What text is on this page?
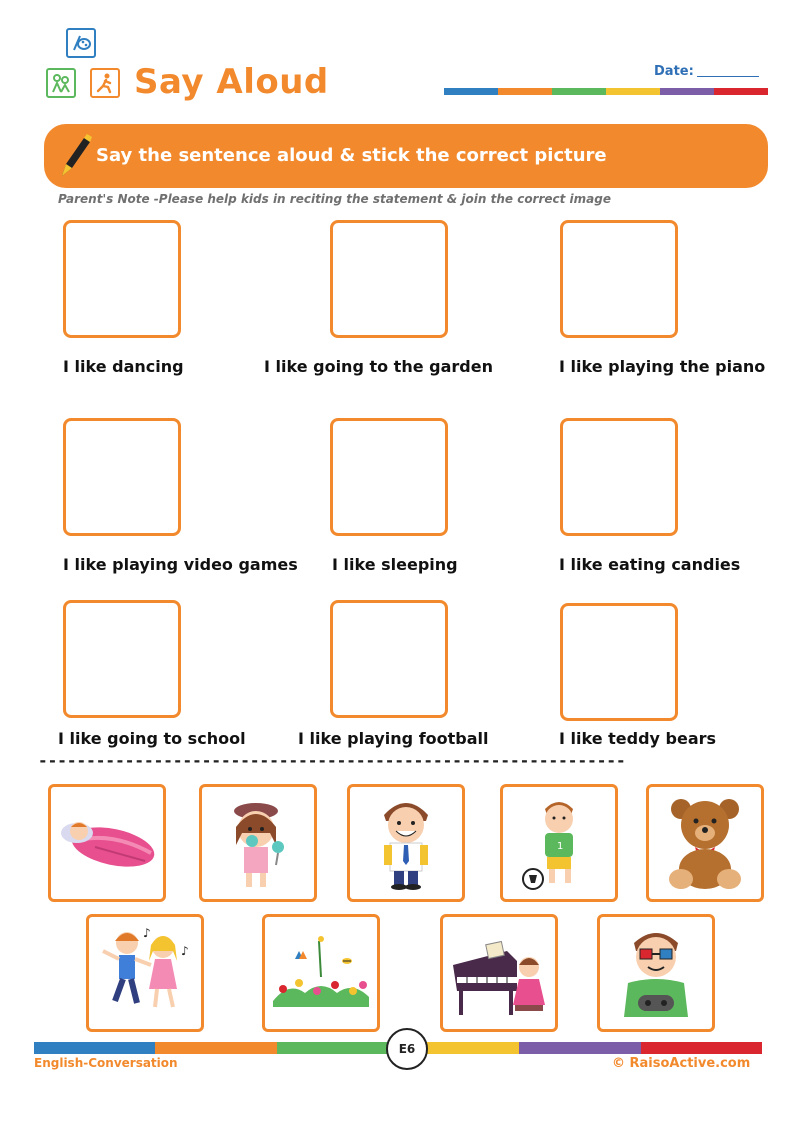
Say Aloud	Date:
Say the sentence aloud & stick the correct picture
Parent's Note -Please help kids in reciting the statement & join the correct image
I like dancing	I like going to the garden	I like playing the piano
I like playing video games I like sleeping	I like eating candies
I like going to school	I like playing football	I like teddy bears
-------------------------------------------------------------
1
♪
♪
E6
English-Conversation	© RaisoActive.com
